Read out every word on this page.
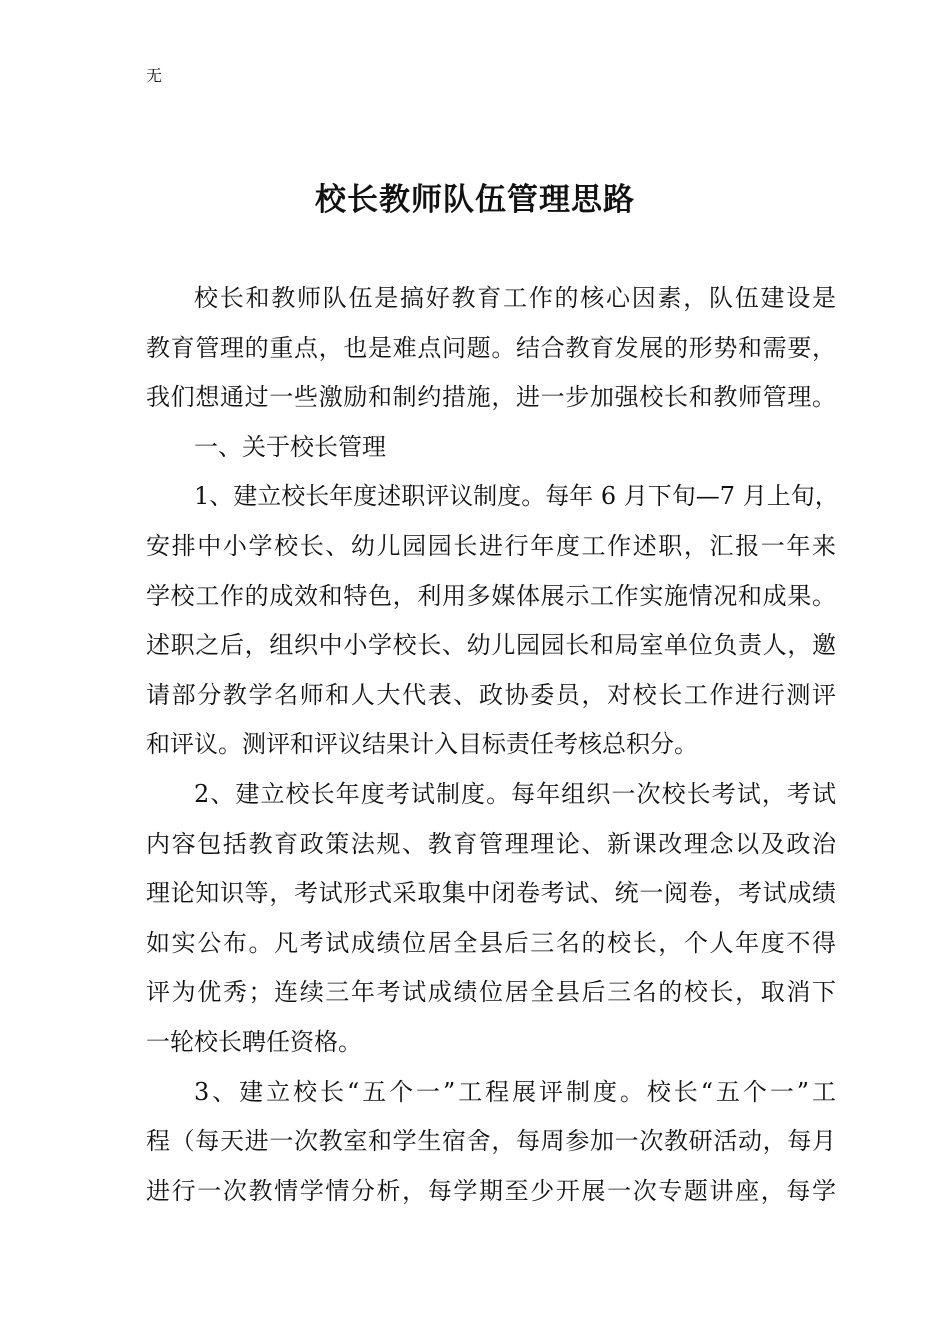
无
校长教师队伍管理思路
校长和教师队伍是搞好教育工作的核心因素，队伍建设是
教育管理的重点，也是难点问题。结合教育发展的形势和需要，
我们想通过一些激励和制约措施，进一步加强校长和教师管理。
一、关于校长管理
1、建立校长年度述职评议制度。每年 6 月下旬—7 月上旬，
安排中小学校长、幼儿园园长进行年度工作述职，汇报一年来
学校工作的成效和特色，利用多媒体展示工作实施情况和成果。
述职之后，组织中小学校长、幼儿园园长和局室单位负责人，邀
请部分教学名师和人大代表、政协委员，对校长工作进行测评
和评议。测评和评议结果计入目标责任考核总积分。
2、建立校长年度考试制度。每年组织一次校长考试，考试
内容包括教育政策法规、教育管理理论、新课改理念以及政治
理论知识等，考试形式采取集中闭卷考试、统一阅卷，考试成绩
如实公布。凡考试成绩位居全县后三名的校长，个人年度不得
评为优秀；连续三年考试成绩位居全县后三名的校长，取消下
一轮校长聘任资格。
3、建立校长“五个一”工程展评制度。校长“五个一”工
程（每天进一次教室和学生宿舍，每周参加一次教研活动，每月
进行一次教情学情分析，每学期至少开展一次专题讲座，每学
